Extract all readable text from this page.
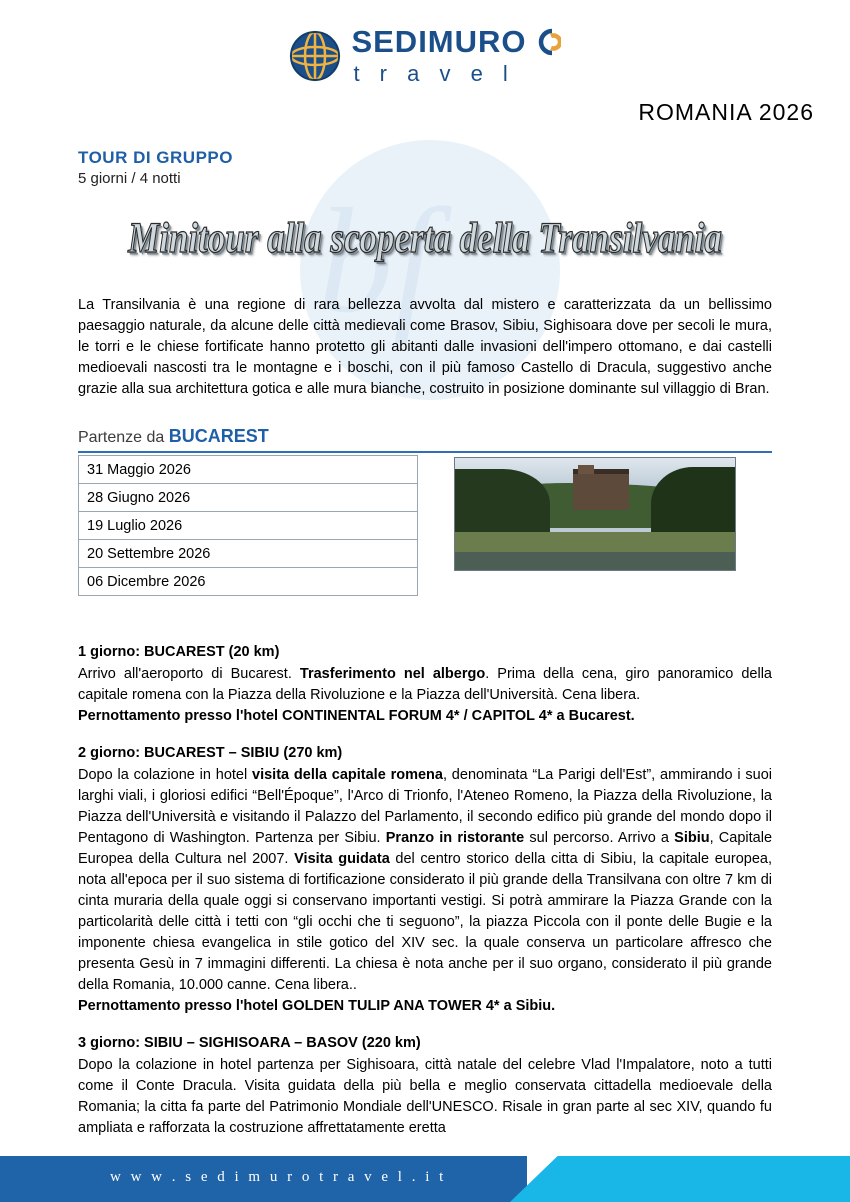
bf
SEDIMURO
t r a v e l
ROMANIA 2026
TOUR DI GRUPPO
5 giorni / 4 notti
Minitour alla scoperta della Transilvania
La Transilvania è una regione di rara bellezza avvolta dal mistero e caratterizzata da un bellissimo paesaggio naturale, da alcune delle città medievali come Brasov, Sibiu, Sighisoara dove per secoli le mura, le torri e le chiese fortificate hanno protetto gli abitanti dalle invasioni dell'impero ottomano, e dai castelli medioevali nascosti tra le montagne e i boschi, con il più famoso Castello di Dracula, suggestivo anche grazie alla sua architettura gotica e alle mura bianche, costruito in posizione dominante sul villaggio di Bran.
Partenze da BUCAREST
31 Maggio 2026
28 Giugno 2026
19 Luglio 2026
20 Settembre 2026
06 Dicembre 2026
1 giorno: BUCAREST (20 km)
Arrivo all'aeroporto di Bucarest. Trasferimento nel albergo. Prima della cena, giro panoramico della capitale romena con la Piazza della Rivoluzione e la Piazza dell'Università. Cena libera.
Pernottamento presso l'hotel CONTINENTAL FORUM 4* / CAPITOL 4* a Bucarest.
2 giorno: BUCAREST – SIBIU (270 km)
Dopo la colazione in hotel visita della capitale romena, denominata “La Parigi dell'Est”, ammirando i suoi larghi viali, i gloriosi edifici “Bell'Époque”, l'Arco di Trionfo, l'Ateneo Romeno, la Piazza della Rivoluzione, la Piazza dell'Università e visitando il Palazzo del Parlamento, il secondo edifico più grande del mondo dopo il Pentagono di Washington. Partenza per Sibiu. Pranzo in ristorante sul percorso. Arrivo a Sibiu, Capitale Europea della Cultura nel 2007. Visita guidata del centro storico della citta di Sibiu, la capitale europea, nota all'epoca per il suo sistema di fortificazione considerato il più grande della Transilvana con oltre 7 km di cinta muraria della quale oggi si conservano importanti vestigi. Si potrà ammirare la Piazza Grande con la particolarità delle città i tetti con “gli occhi che ti seguono”, la piazza Piccola con il ponte delle Bugie e la imponente chiesa evangelica in stile gotico del XIV sec. la quale conserva un particolare affresco che presenta Gesù in 7 immagini differenti. La chiesa è nota anche per il suo organo, considerato il più grande della Romania, 10.000 canne. Cena libera..
Pernottamento presso l'hotel GOLDEN TULIP ANA TOWER 4* a Sibiu.
3 giorno: SIBIU – SIGHISOARA – BASOV (220 km)
Dopo la colazione in hotel partenza per Sighisoara, città natale del celebre Vlad l'Impalatore, noto a tutti come il Conte Dracula. Visita guidata della più bella e meglio conservata cittadella medioevale della Romania; la citta fa parte del Patrimonio Mondiale dell'UNESCO. Risale in gran parte al sec XIV, quando fu ampliata e rafforzata la costruzione affrettatamente eretta
w w w . s e d i m u r o t r a v e l . i t
